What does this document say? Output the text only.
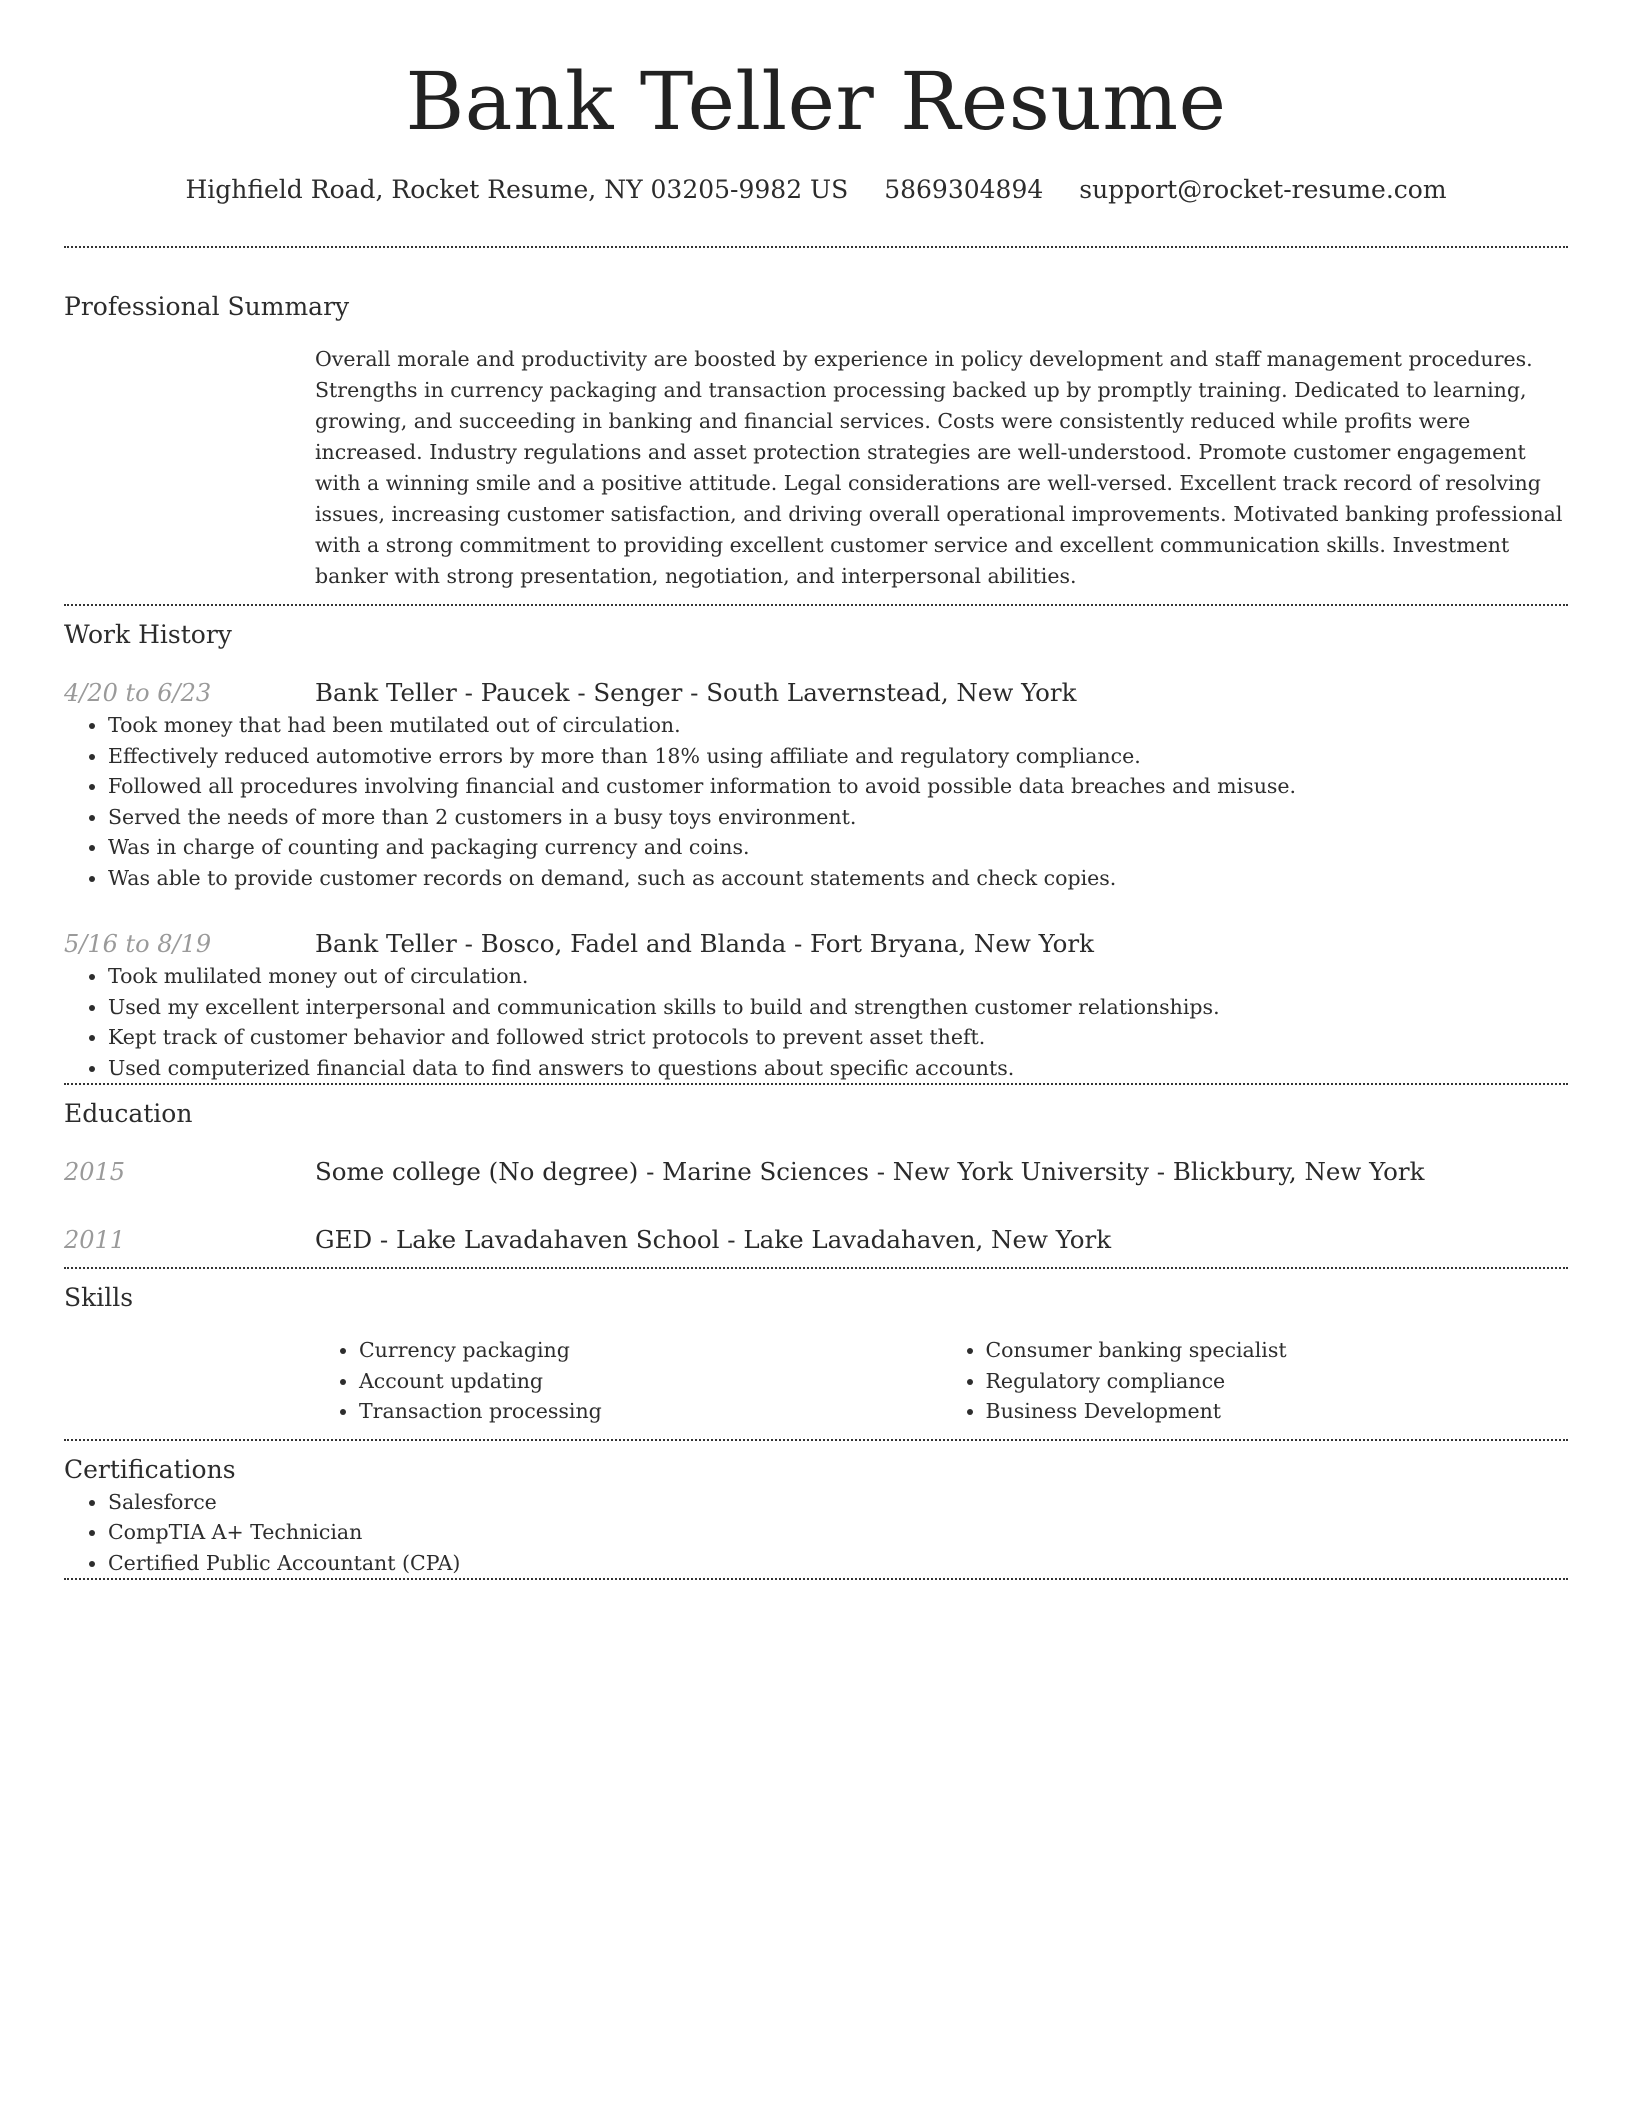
Bank Teller Resume
Highfield Road, Rocket Resume, NY 03205-9982 US 5869304894 support@rocket-resume.com
Professional Summary
Overall morale and productivity are boosted by experience in policy development and staff management procedures. Strengths in currency packaging and transaction processing backed up by promptly training. Dedicated to learning, growing, and succeeding in banking and financial services. Costs were consistently reduced while profits were increased. Industry regulations and asset protection strategies are well-understood. Promote customer engagement with a winning smile and a positive attitude. Legal considerations are well-versed. Excellent track record of resolving issues, increasing customer satisfaction, and driving overall operational improvements. Motivated banking professional with a strong commitment to providing excellent customer service and excellent communication skills. Investment banker with strong presentation, negotiation, and interpersonal abilities.
Work History
4/20 to 6/23	Bank Teller - Paucek - Senger - South Lavernstead, New York
• Took money that had been mutilated out of circulation.
• Effectively reduced automotive errors by more than 18% using affiliate and regulatory compliance.
• Followed all procedures involving financial and customer information to avoid possible data breaches and misuse.
• Served the needs of more than 2 customers in a busy toys environment.
• Was in charge of counting and packaging currency and coins.
• Was able to provide customer records on demand, such as account statements and check copies.
5/16 to 8/19	Bank Teller - Bosco, Fadel and Blanda - Fort Bryana, New York
• Took mulilated money out of circulation.
• Used my excellent interpersonal and communication skills to build and strengthen customer relationships.
• Kept track of customer behavior and followed strict protocols to prevent asset theft.
• Used computerized financial data to find answers to questions about specific accounts.
Education
2015	Some college (No degree) - Marine Sciences - New York University - Blickbury, New York
2011	GED - Lake Lavadahaven School - Lake Lavadahaven, New York
Skills
• Currency packaging
• Account updating
• Transaction processing
• Consumer banking specialist
• Regulatory compliance
• Business Development
Certifications
• Salesforce
• CompTIA A+ Technician
• Certified Public Accountant (CPA)
